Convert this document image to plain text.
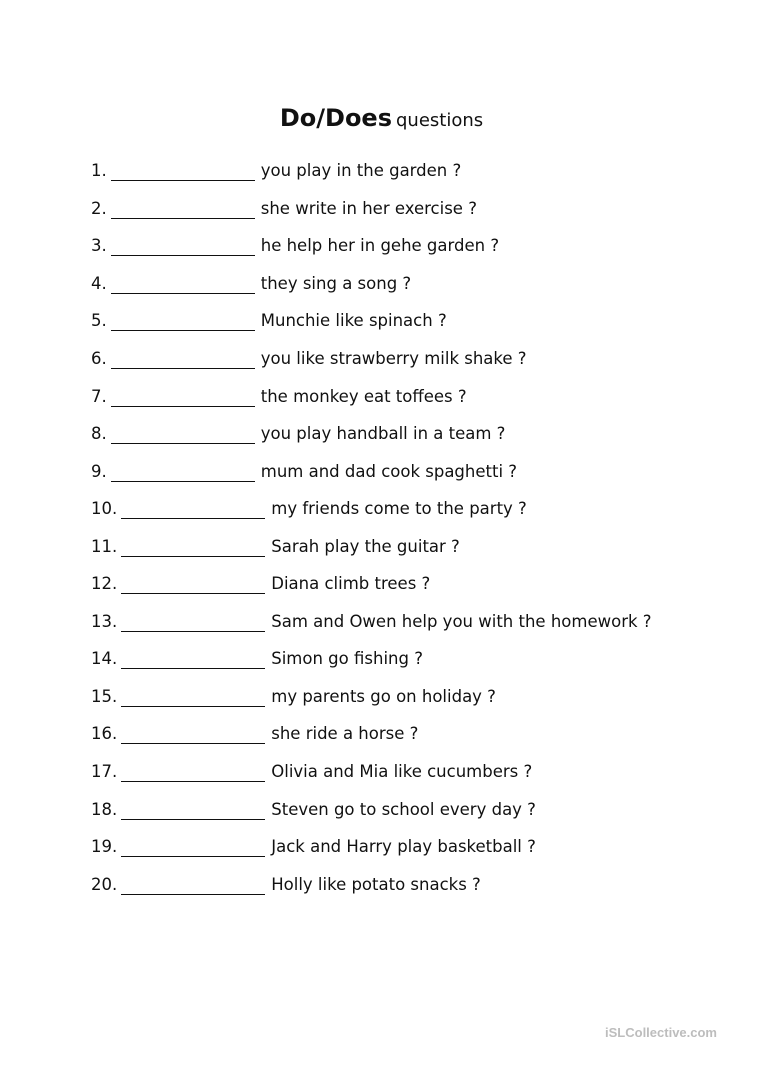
Do/Does questions
1.	you play in the garden ?
2.	she write in her exercise ?
3.	he help her in gehe garden ?
4.	they sing a song ?
5.	Munchie like spinach ?
6.	you like strawberry milk shake ?
7.	the monkey eat toffees ?
8.	you play handball in a team ?
9.	mum and dad cook spaghetti ?
10.	my friends come to the party ?
11.	Sarah play the guitar ?
12.	Diana climb trees ?
13.	Sam and Owen help you with the homework ?
14.	Simon go fishing ?
15.	my parents go on holiday ?
16.	she ride a horse ?
17.	Olivia and Mia like cucumbers ?
18.	Steven go to school every day ?
19.	Jack and Harry play basketball ?
20.	Holly like potato snacks ?
iSLCollective.com
